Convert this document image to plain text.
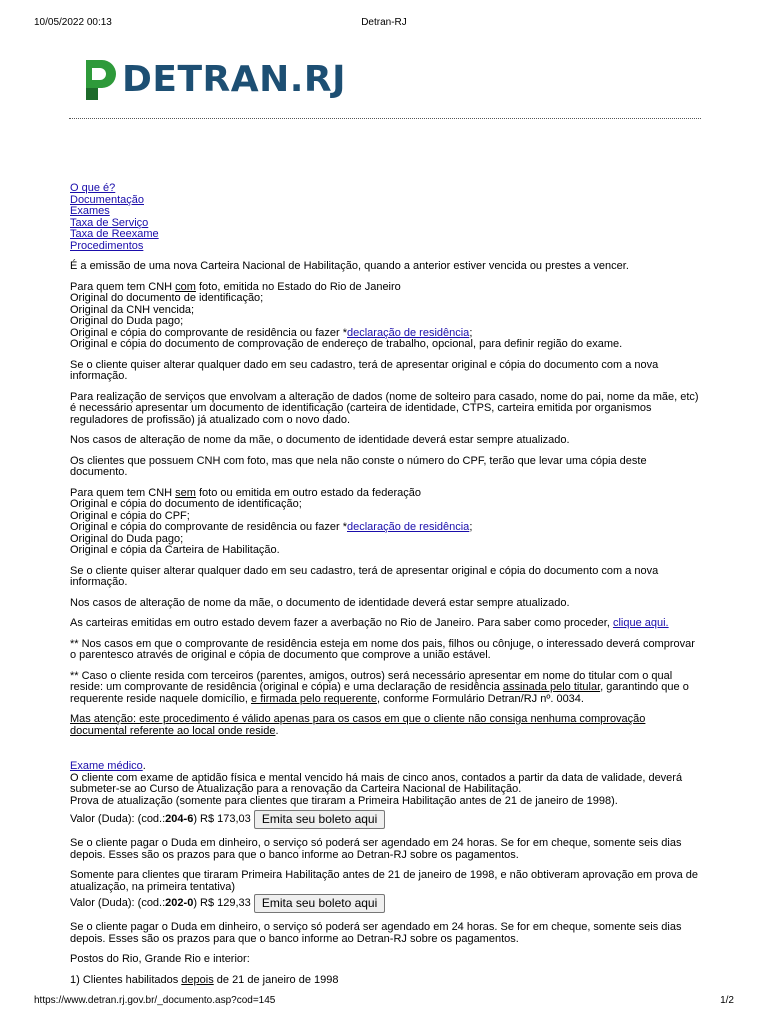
10/05/2022 00:13	Detran-RJ
DETRAN.RJ

O que é?
Documentação
Exames
Taxa de Serviço
Taxa de Reexame
Procedimentos

É a emissão de uma nova Carteira Nacional de Habilitação, quando a anterior estiver vencida ou prestes a vencer.

Para quem tem CNH com foto, emitida no Estado do Rio de Janeiro
Original do documento de identificação;
Original da CNH vencida;
Original do Duda pago;
Original e cópia do comprovante de residência ou fazer *declaração de residência;
Original e cópia do documento de comprovação de endereço de trabalho, opcional, para definir região do exame.

Se o cliente quiser alterar qualquer dado em seu cadastro, terá de apresentar original e cópia do documento com a nova informação.

Para realização de serviços que envolvam a alteração de dados (nome de solteiro para casado, nome do pai, nome da mãe, etc) é necessário apresentar um documento de identificação (carteira de identidade, CTPS, carteira emitida por organismos reguladores de profissão) já atualizado com o novo dado.

Nos casos de alteração de nome da mãe, o documento de identidade deverá estar sempre atualizado.

Os clientes que possuem CNH com foto, mas que nela não conste o número do CPF, terão que levar uma cópia deste documento.

Para quem tem CNH sem foto ou emitida em outro estado da federação
Original e cópia do documento de identificação;
Original e cópia do CPF;
Original e cópia do comprovante de residência ou fazer *declaração de residência;
Original do Duda pago;
Original e cópia da Carteira de Habilitação.

Se o cliente quiser alterar qualquer dado em seu cadastro, terá de apresentar original e cópia do documento com a nova informação.

Nos casos de alteração de nome da mãe, o documento de identidade deverá estar sempre atualizado.

As carteiras emitidas em outro estado devem fazer a averbação no Rio de Janeiro. Para saber como proceder, clique aqui.

** Nos casos em que o comprovante de residência esteja em nome dos pais, filhos ou cônjuge, o interessado deverá comprovar o parentesco através de original e cópia de documento que comprove a união estável.

** Caso o cliente resida com terceiros (parentes, amigos, outros) será necessário apresentar em nome do titular com o qual reside: um comprovante de residência (original e cópia) e uma declaração de residência assinada pelo titular, garantindo que o requerente reside naquele domicílio, e firmada pelo requerente, conforme Formulário Detran/RJ nº. 0034.

Mas atenção: este procedimento é válido apenas para os casos em que o cliente não consiga nenhuma comprovação documental referente ao local onde reside.

Exame médico.
O cliente com exame de aptidão física e mental vencido há mais de cinco anos, contados a partir da data de validade, deverá submeter-se ao Curso de Atualização para a renovação da Carteira Nacional de Habilitação.
Prova de atualização (somente para clientes que tiraram a Primeira Habilitação antes de 21 de janeiro de 1998).

Valor (Duda): (cod.:204-6) R$ 173,03 Emita seu boleto aqui

Se o cliente pagar o Duda em dinheiro, o serviço só poderá ser agendado em 24 horas. Se for em cheque, somente seis dias depois. Esses são os prazos para que o banco informe ao Detran-RJ sobre os pagamentos.

Somente para clientes que tiraram Primeira Habilitação antes de 21 de janeiro de 1998, e não obtiveram aprovação em prova de atualização, na primeira tentativa)

Valor (Duda): (cod.:202-0) R$ 129,33 Emita seu boleto aqui

Se o cliente pagar o Duda em dinheiro, o serviço só poderá ser agendado em 24 horas. Se for em cheque, somente seis dias depois. Esses são os prazos para que o banco informe ao Detran-RJ sobre os pagamentos.

Postos do Rio, Grande Rio e interior:

1) Clientes habilitados depois de 21 de janeiro de 1998

https://www.detran.rj.gov.br/_documento.asp?cod=145	1/2
